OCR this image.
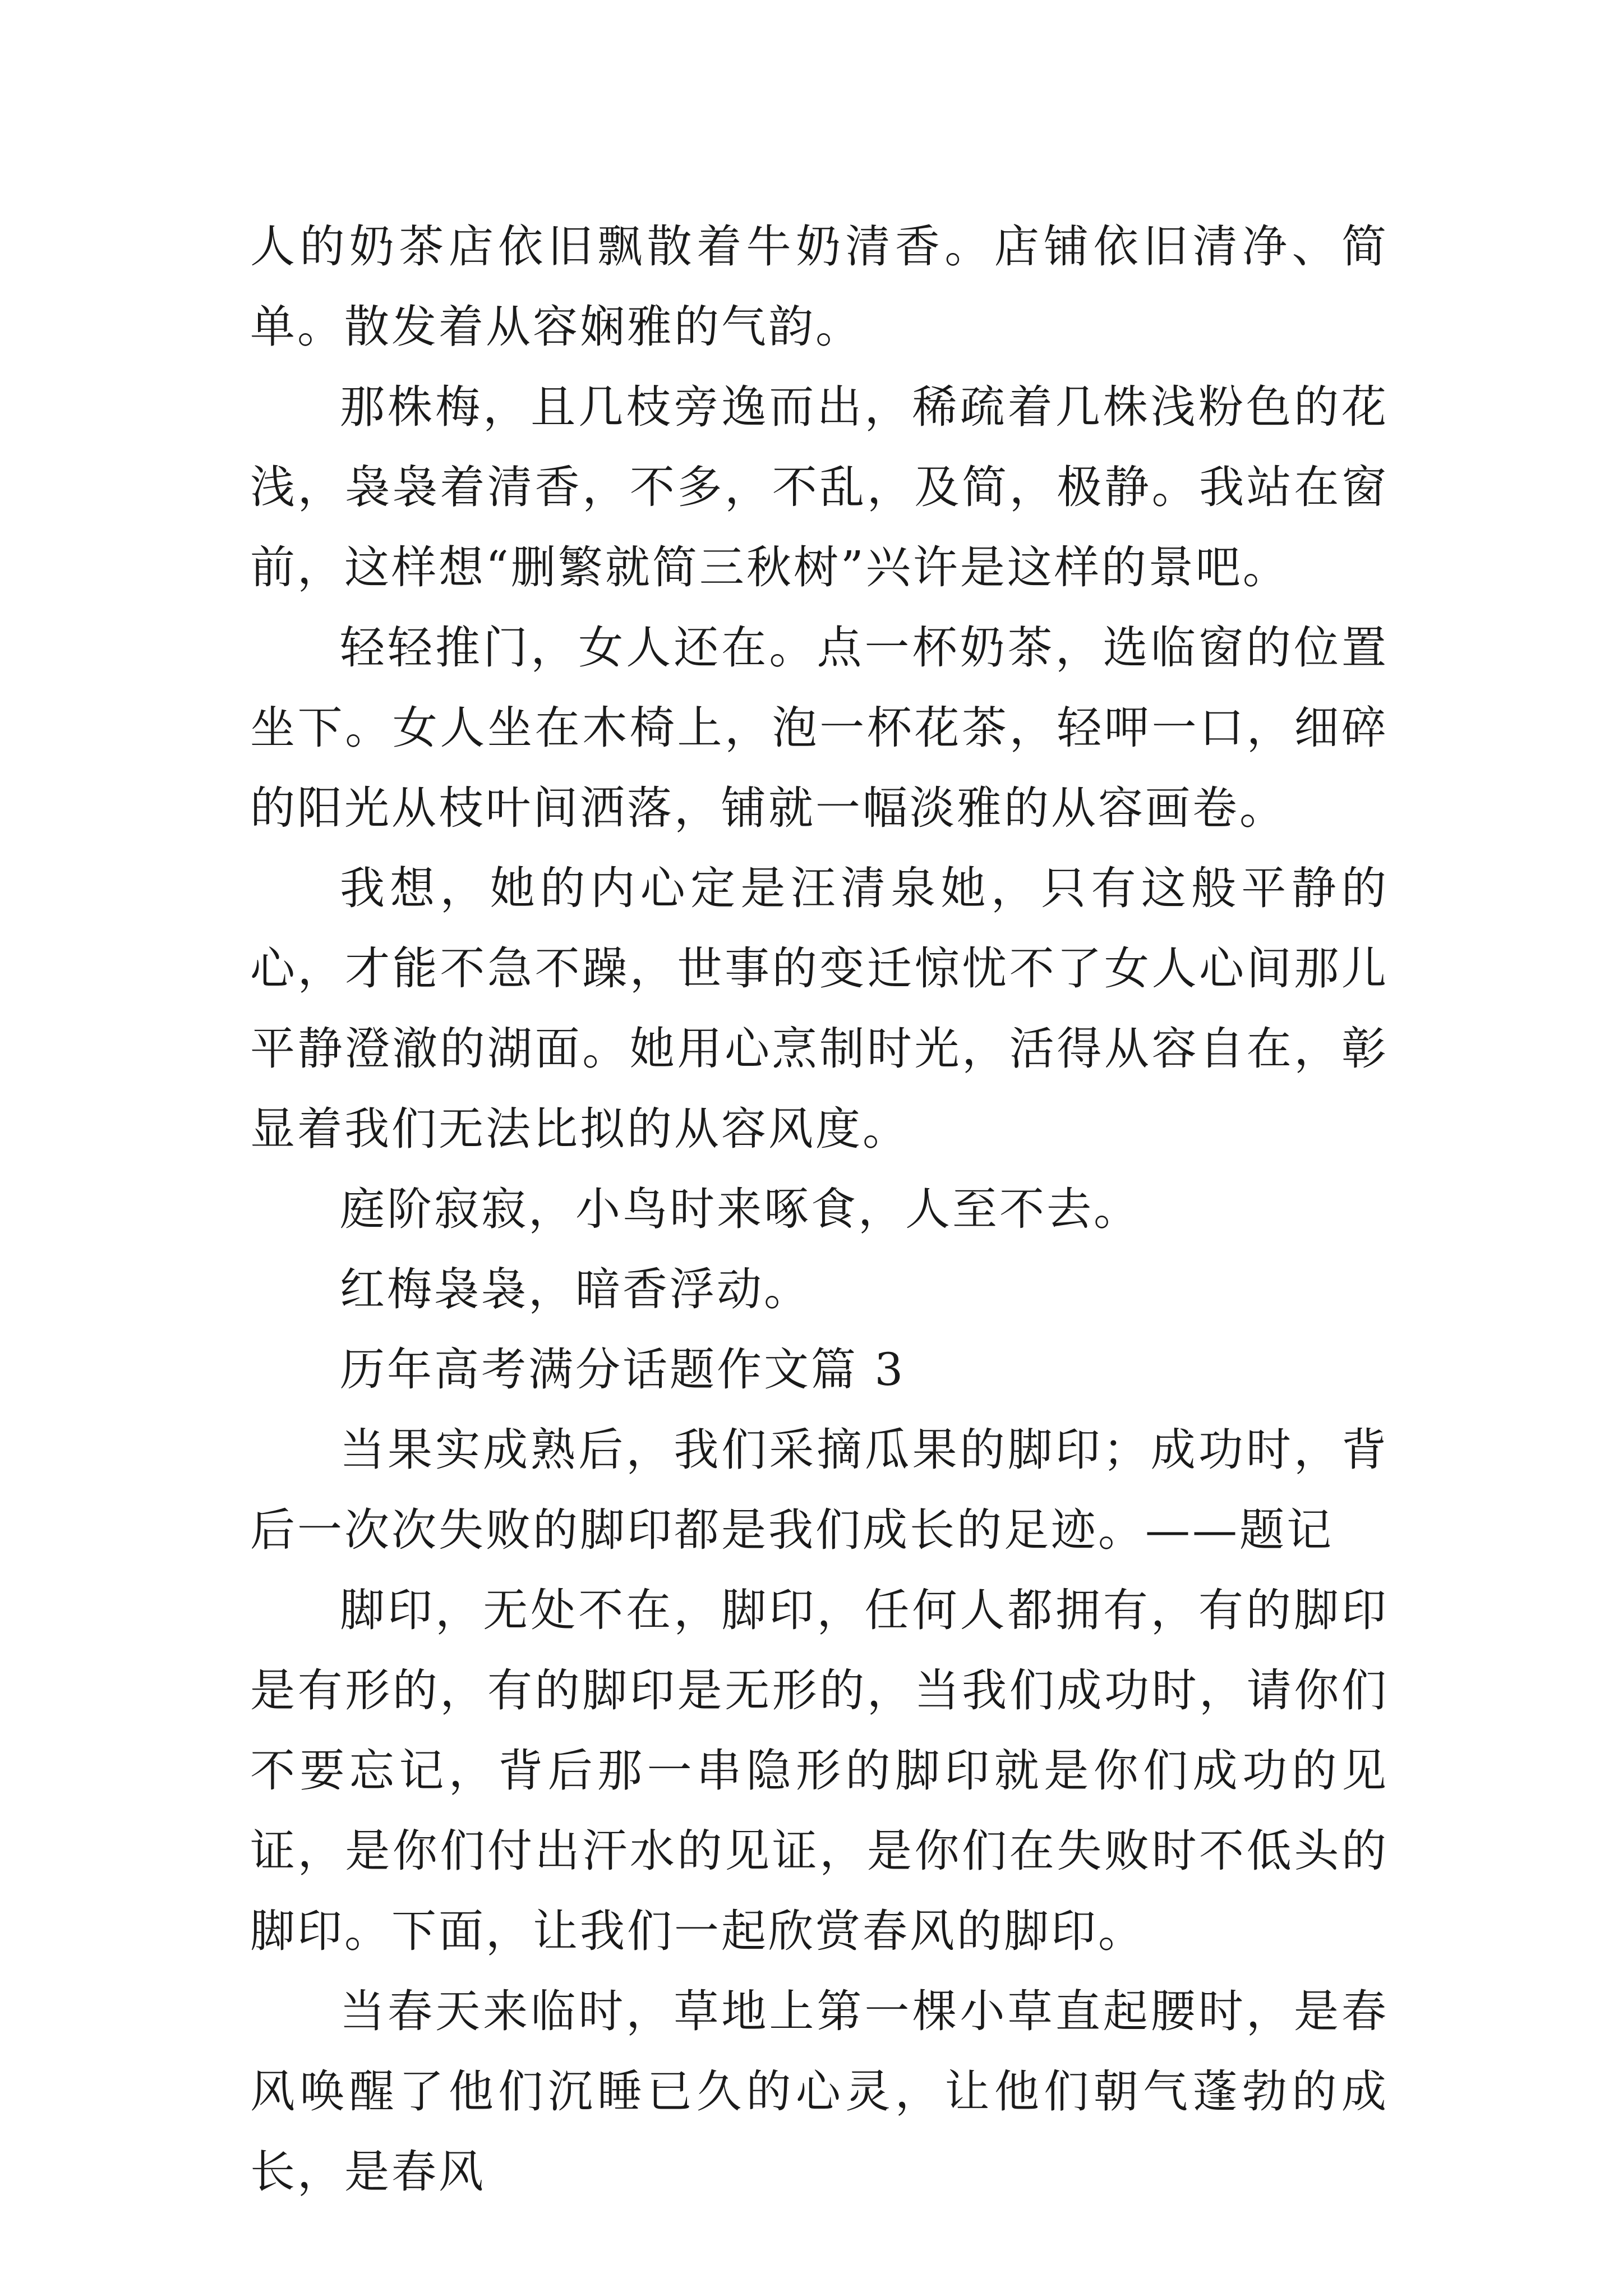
人的奶茶店依旧飘散着牛奶清香。店铺依旧清净、简单。散发着从容娴雅的气韵。

那株梅，且几枝旁逸而出，稀疏着几株浅粉色的花浅，袅袅着清香，不多，不乱，及简，极静。我站在窗前，这样想“删繁就简三秋树”兴许是这样的景吧。

轻轻推门，女人还在。点一杯奶茶，选临窗的位置坐下。女人坐在木椅上，泡一杯花茶，轻呷一口，细碎的阳光从枝叶间洒落，铺就一幅淡雅的从容画卷。

我想，她的内心定是汪清泉她，只有这般平静的心，才能不急不躁，世事的变迁惊忧不了女人心间那儿平静澄澈的湖面。她用心烹制时光，活得从容自在，彰显着我们无法比拟的从容风度。

庭阶寂寂，小鸟时来啄食，人至不去。

红梅袅袅，暗香浮动。

历年高考满分话题作文篇 3

当果实成熟后，我们采摘瓜果的脚印；成功时，背后一次次失败的脚印都是我们成长的足迹。——题记

脚印，无处不在，脚印，任何人都拥有，有的脚印是有形的，有的脚印是无形的，当我们成功时，请你们不要忘记，背后那一串隐形的脚印就是你们成功的见证，是你们付出汗水的见证，是你们在失败时不低头的脚印。下面，让我们一起欣赏春风的脚印。

当春天来临时，草地上第一棵小草直起腰时，是春风唤醒了他们沉睡已久的心灵，让他们朝气蓬勃的成长，是春风
